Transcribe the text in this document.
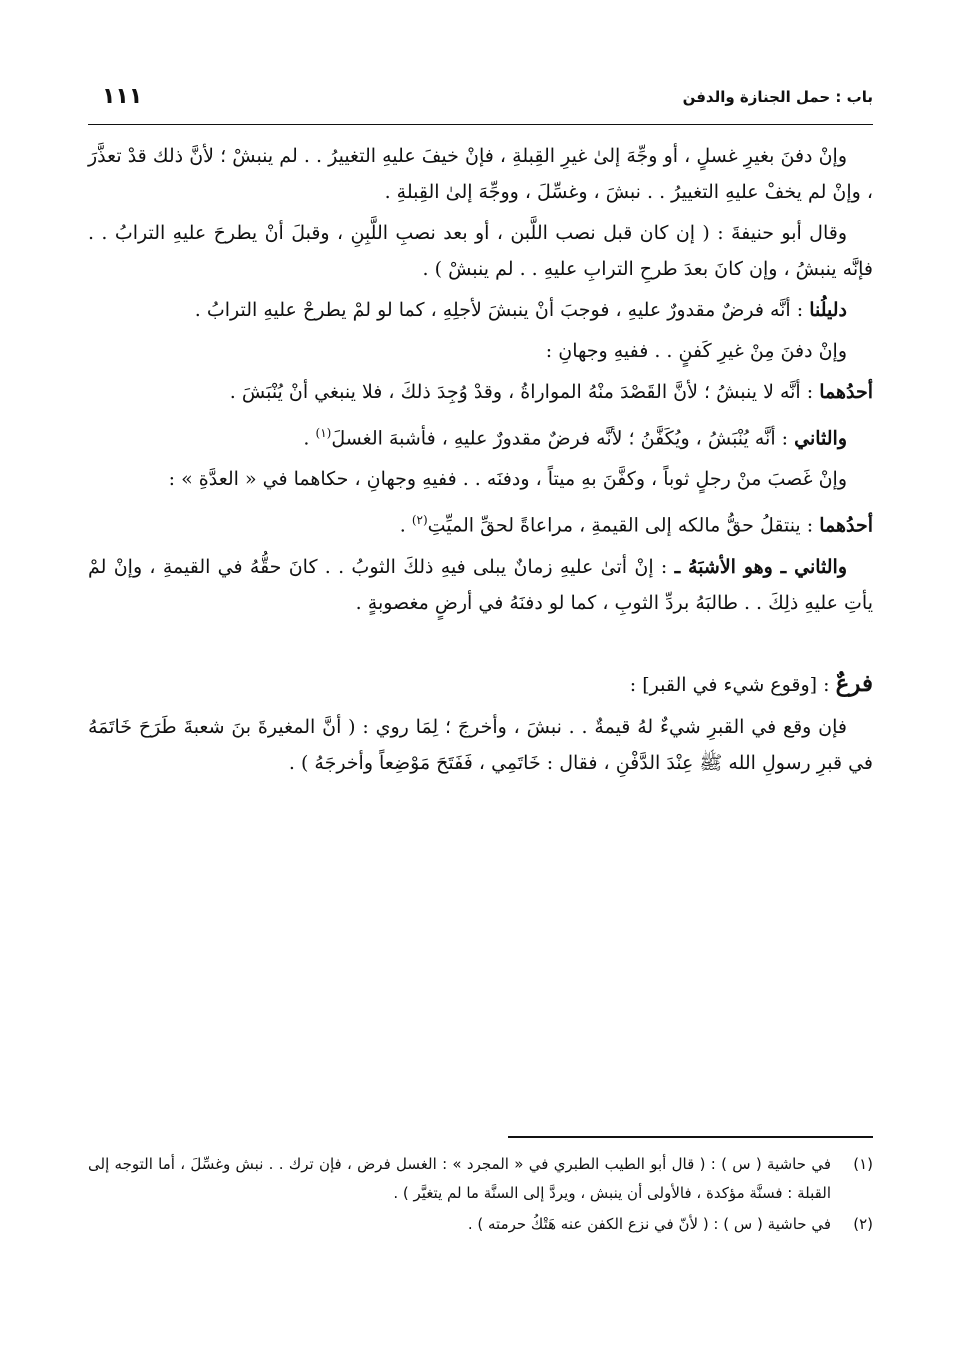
باب : حمل الجنازة والدفن
١١١

وإنْ دفنَ بغيرِ غسلٍ ، أو وجِّهَ إلىٰ غيرِ القِبلةِ ، فإنْ خيفَ عليهِ التغييرُ . . لم ينبشْ ؛ لأنَّ ذلك قدْ تعذَّرَ ، وإنْ لم يخفْ عليهِ التغييرُ . . نبشَ ، وغسِّلَ ، ووجِّهَ إلىٰ القِبلةِ .

وقال أبو حنيفةَ : ( إن كان قبل نصب اللَّبن ، أو بعد نصبِ اللَّبِنِ ، وقبلَ أنْ يطرحَ عليهِ الترابُ . . فإنَّه ينبشُ ، وإن كانَ بعدَ طرحِ الترابِ عليهِ . . لم ينبشْ ) .

دليلُنا : أنَّه فرضٌ مقدورٌ عليهِ ، فوجبَ أنْ ينبشَ لأجلِهِ ، كما لو لمْ يطرحْ عليهِ الترابُ .

وإنْ دفنَ مِنْ غيرِ كَفنٍ . . ففيهِ وجهانِ :

أحدُهما : أنَّه لا ينبشُ ؛ لأنَّ القَصْدَ منْهُ المواراةُ ، وقدْ وُجِدَ ذلكَ ، فلا ينبغي أنْ يُنْبَشَ .

والثاني : أنَّه يُنْبَشُ ، ويُكَفَّنُ ؛ لأنَّه فرضٌ مقدورٌ عليهِ ، فأشبهَ الغسلَ$^{(١)}$ .

وإنْ غَصبَ منْ رجلٍ ثوباً ، وكفَّنَ بهِ ميتاً ، ودفنَه . . ففيهِ وجهانِ ، حكاهما في « العدَّةِ » :

أحدُهما : ينتقلُ حقُّ مالكه إلى القيمةِ ، مراعاةً لحقِّ الميِّتِ$^{(٢)}$ .

والثاني ـ وهو الأشبَهُ ـ : إنْ أتىٰ عليهِ زمانٌ يبلى فيهِ ذلكَ الثوبُ . . كانَ حقُّهُ في القيمةِ ، وإنْ لمْ يأتِ عليهِ ذلِكَ . . طالبَهُ بردِّ الثوبِ ، كما لو دفنَهُ في أرضٍ مغصوبةٍ .

فرعٌ : [وقوع شيء في القبر] :

فإن وقع في القبرِ شيءٌ لهُ قيمةٌ . . نبشَ ، وأخرجَ ؛ لِمَا روي : ( أنَّ المغيرةَ بنَ شعبةَ طَرَحَ خَاتَمَهُ في قبرِ رسولِ الله ﷺ عِنْدَ الدَّفْنِ ، فقال : خَاتَمِي ، فَفَتَحَ مَوْضِعاً وأخرجَهُ ) .

(١)
في حاشية ( س ) : ( قال أبو الطيب الطبري في « المجرد » : الغسل فرض ، فإن ترك . . نبش وغسِّلَ ، أما التوجه إلى القبلة : فسنَّة مؤكدة ، فالأولى أن ينبش ، ويردَّ إلى السنَّة ما لم يتغيَّر ) .
(٢)
في حاشية ( س ) : ( لأنّ في نزع الكفن عنه هَتْكُ حرمته ) .
